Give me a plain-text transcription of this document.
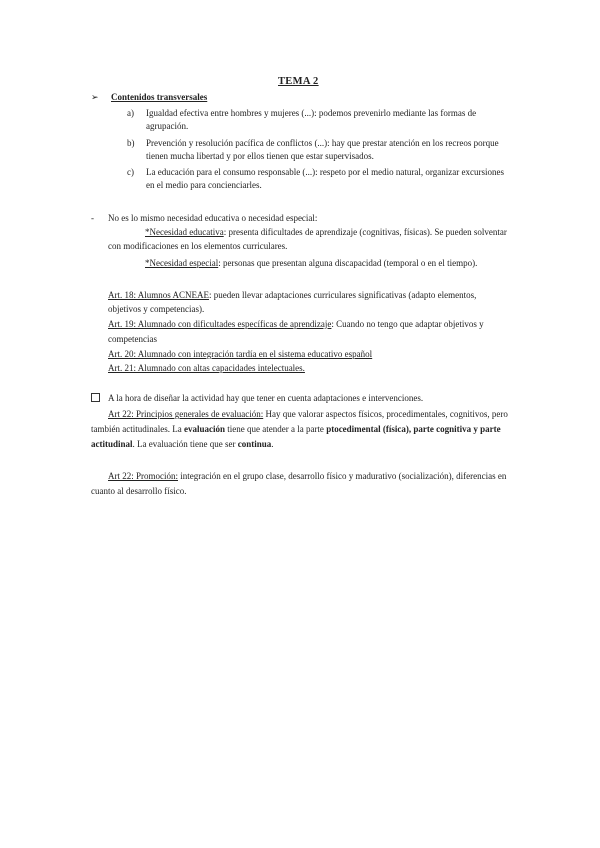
TEMA 2
➢ Contenidos transversales
a) Igualdad efectiva entre hombres y mujeres (...): podemos prevenirlo mediante las formas de

agrupación.

b) Prevención y resolución pacífica de conflictos (...): hay que prestar atención en los recreos porque

tienen mucha libertad y por ellos tienen que estar supervisados.

c) La educación para el consumo responsable (...): respeto por el medio natural, organizar excursiones

en el medio para concienciarles.

- No es lo mismo necesidad educativa o necesidad especial:
*Necesidad educativa: presenta dificultades de aprendizaje (cognitivas, físicas). Se pueden solventar
con modificaciones en los elementos curriculares.
*Necesidad especial: personas que presentan alguna discapacidad (temporal o en el tiempo).
Art. 18: Alumnos ACNEAE: pueden llevar adaptaciones curriculares significativas (adapto elementos,
objetivos y competencias).
Art. 19: Alumnado con dificultades específicas de aprendizaje: Cuando no tengo que adaptar objetivos y
competencias
Art. 20: Alumnado con integración tardía en el sistema educativo español
Art. 21: Alumnado con altas capacidades intelectuales.
A la hora de diseñar la actividad hay que tener en cuenta adaptaciones e intervenciones.
Art 22: Principios generales de evaluación: Hay que valorar aspectos físicos, procedimentales, cognitivos, pero
también actitudinales. La evaluación tiene que atender a la parte ptocedimental (física), parte cognitiva y parte
actitudinal. La evaluación tiene que ser continua.
Art 22: Promoción: integración en el grupo clase, desarrollo físico y madurativo (socialización), diferencias en
cuanto al desarrollo físico.
